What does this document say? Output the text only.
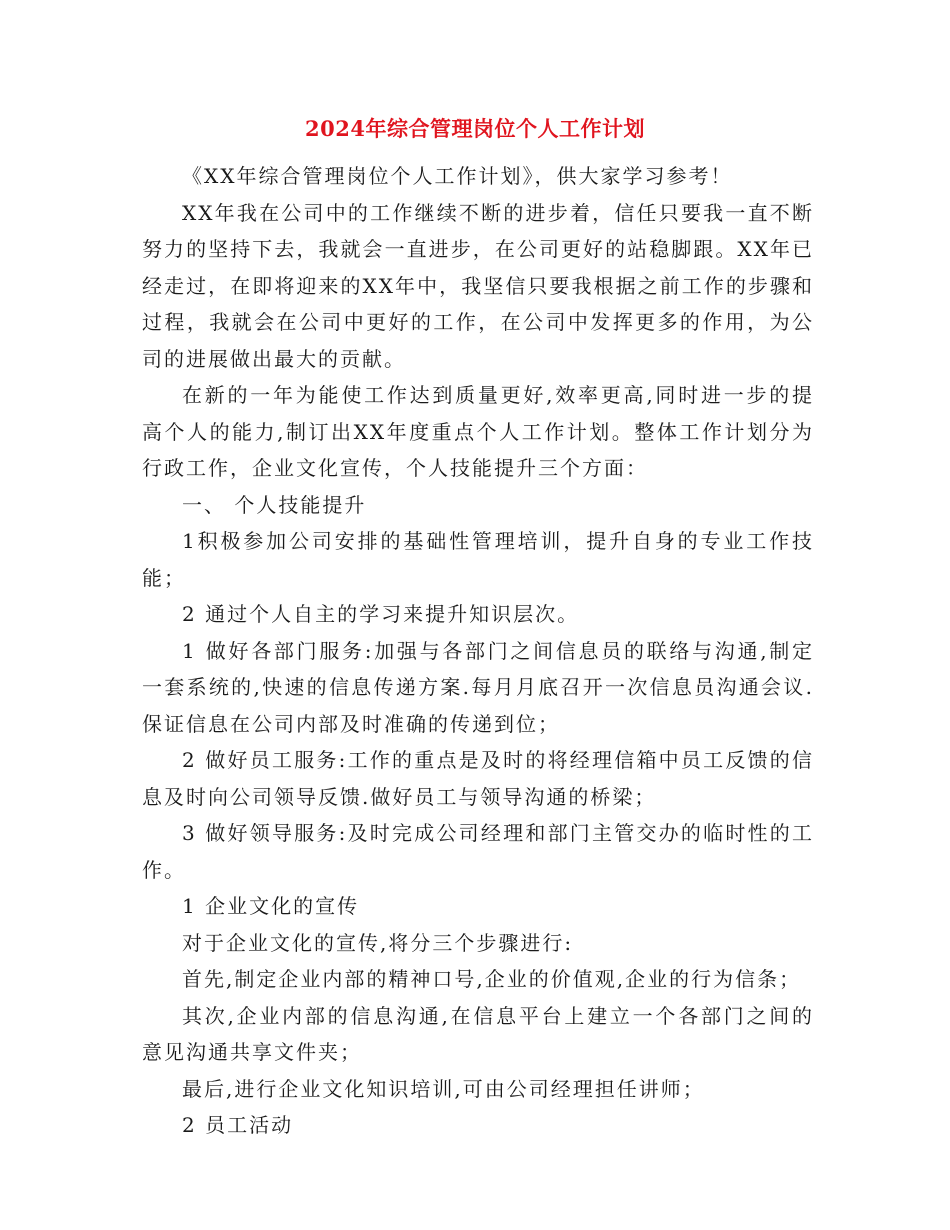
2024年综合管理岗位个人工作计划

《XX年综合管理岗位个人工作计划》，供大家学习参考！

XX年我在公司中的工作继续不断的进步着，信任只要我一直不断努力的坚持下去，我就会一直进步，在公司更好的站稳脚跟。XX年已经走过，在即将迎来的XX年中，我坚信只要我根据之前工作的步骤和过程，我就会在公司中更好的工作，在公司中发挥更多的作用，为公司的进展做出最大的贡献。

在新的一年为能使工作达到质量更好,效率更高,同时进一步的提高个人的能力,制订出XX年度重点个人工作计划。整体工作计划分为行政工作，企业文化宣传，个人技能提升三个方面：

一、 个人技能提升

1积极参加公司安排的基础性管理培训，提升自身的专业工作技能；

2 通过个人自主的学习来提升知识层次。

1 做好各部门服务:加强与各部门之间信息员的联络与沟通,制定一套系统的,快速的信息传递方案.每月月底召开一次信息员沟通会议.保证信息在公司内部及时准确的传递到位；

2 做好员工服务:工作的重点是及时的将经理信箱中员工反馈的信息及时向公司领导反馈.做好员工与领导沟通的桥梁；

3 做好领导服务:及时完成公司经理和部门主管交办的临时性的工作。

1 企业文化的宣传

对于企业文化的宣传,将分三个步骤进行:

首先,制定企业内部的精神口号,企业的价值观,企业的行为信条；

其次,企业内部的信息沟通,在信息平台上建立一个各部门之间的意见沟通共享文件夹；

最后,进行企业文化知识培训,可由公司经理担任讲师；

2 员工活动
